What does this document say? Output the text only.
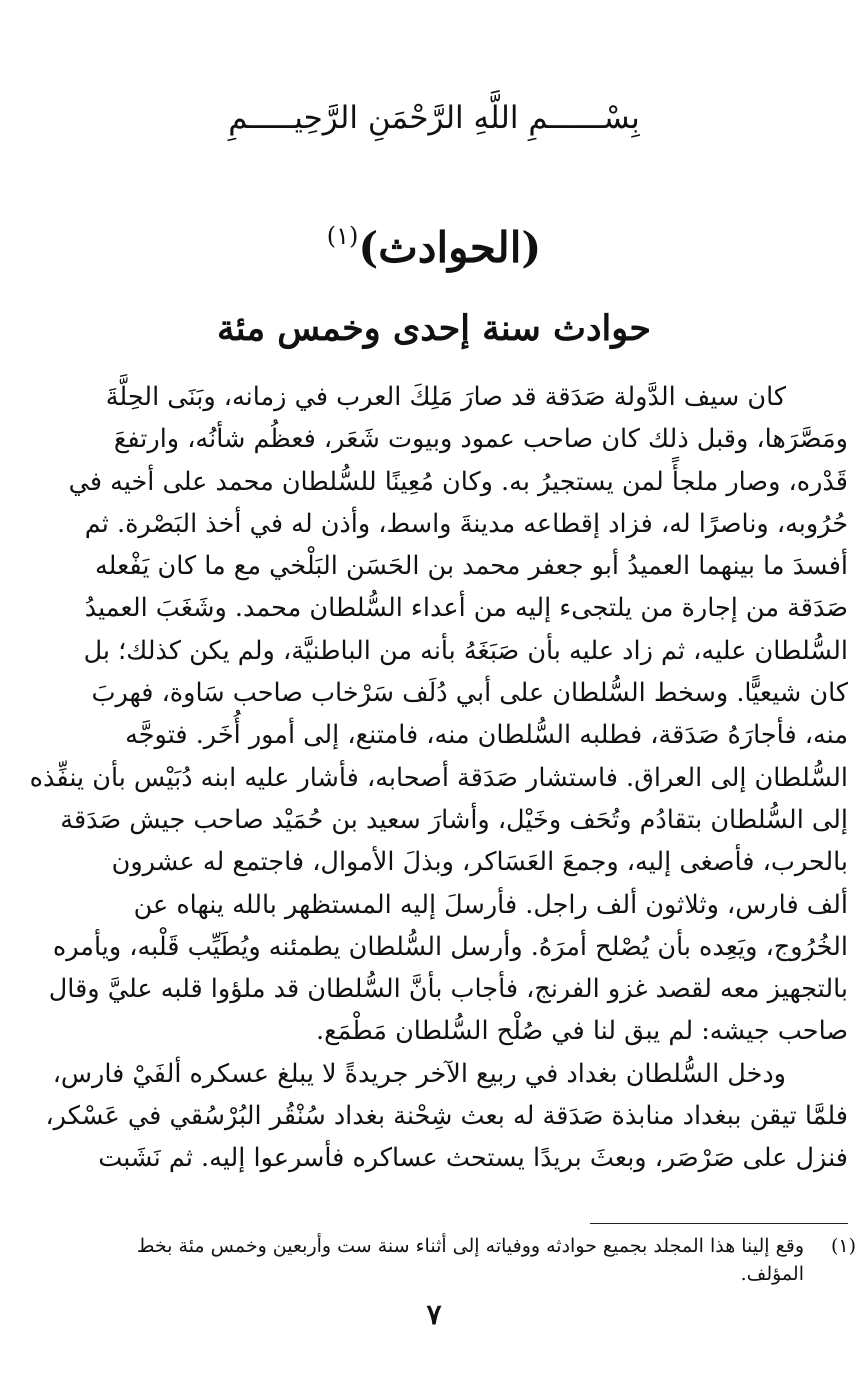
بِسْــــــمِ اللَّهِ الرَّحْمَنِ الرَّحِيـــــمِ
(الحوادث)$^{(١)}$
حوادث سنة إحدى وخمس مئة
كان سيف الدَّولة صَدَقة قد صارَ مَلِكَ العرب في زمانه، وبَنَى الحِلَّةَ
ومَصَّرَها، وقبل ذلك كان صاحب عمود وبيوت شَعَر، فعظُم شأنُه، وارتفعَ
قَدْره، وصار ملجأً لمن يستجيرُ به. وكان مُعِينًا للسُّلطان محمد على أخيه في
حُرُوبه، وناصرًا له، فزاد إقطاعه مدينةَ واسط، وأذن له في أخذ البَصْرة. ثم
أفسدَ ما بينهما العميدُ أبو جعفر محمد بن الحَسَن البَلْخي مع ما كان يَفْعله
صَدَقة من إجارة من يلتجىء إليه من أعداء السُّلطان محمد. وشَغَبَ العميدُ
السُّلطان عليه، ثم زاد عليه بأن صَبَغَهُ بأنه من الباطنيَّة، ولم يكن كذلك؛ بل
كان شيعيًّا. وسخط السُّلطان على أبي دُلَف سَرْخاب صاحب سَاوة، فهربَ
منه، فأجارَهُ صَدَقة، فطلبه السُّلطان منه، فامتنع، إلى أمور أُخَر. فتوجَّه
السُّلطان إلى العراق. فاستشار صَدَقة أصحابه، فأشار عليه ابنه دُبَيْس بأن ينفِّذه
إلى السُّلطان بتقادُم وتُحَف وخَيْل، وأشارَ سعيد بن حُمَيْد صاحب جيش صَدَقة
بالحرب، فأصغى إليه، وجمعَ العَسَاكر، وبذلَ الأموال، فاجتمع له عشرون
ألف فارس، وثلاثون ألف راجل. فأرسلَ إليه المستظهر بالله ينهاه عن
الخُرُوج، ويَعِده بأن يُصْلح أمرَهُ. وأرسل السُّلطان يطمئنه ويُطَيِّب قَلْبه، ويأمره
بالتجهيز معه لقصد غزو الفرنج، فأجاب بأنَّ السُّلطان قد ملؤوا قلبه عليَّ وقال
صاحب جيشه: لم يبق لنا في صُلْح السُّلطان مَطْمَع.
ودخل السُّلطان بغداد في ربيع الآخر جريدةً لا يبلغ عسكره ألفَيْ فارس،
فلمَّا تيقن ببغداد منابذة صَدَقة له بعث شِحْنة بغداد سُنْقُر البُرْسُقي في عَسْكر،
فنزل على صَرْصَر، وبعثَ بريدًا يستحث عساكره فأسرعوا إليه. ثم نَشَبت
(١)وقع إلينا هذا المجلد بجميع حوادثه ووفياته إلى أثناء سنة ست وأربعين وخمس مئة بخط
المؤلف.
٧
